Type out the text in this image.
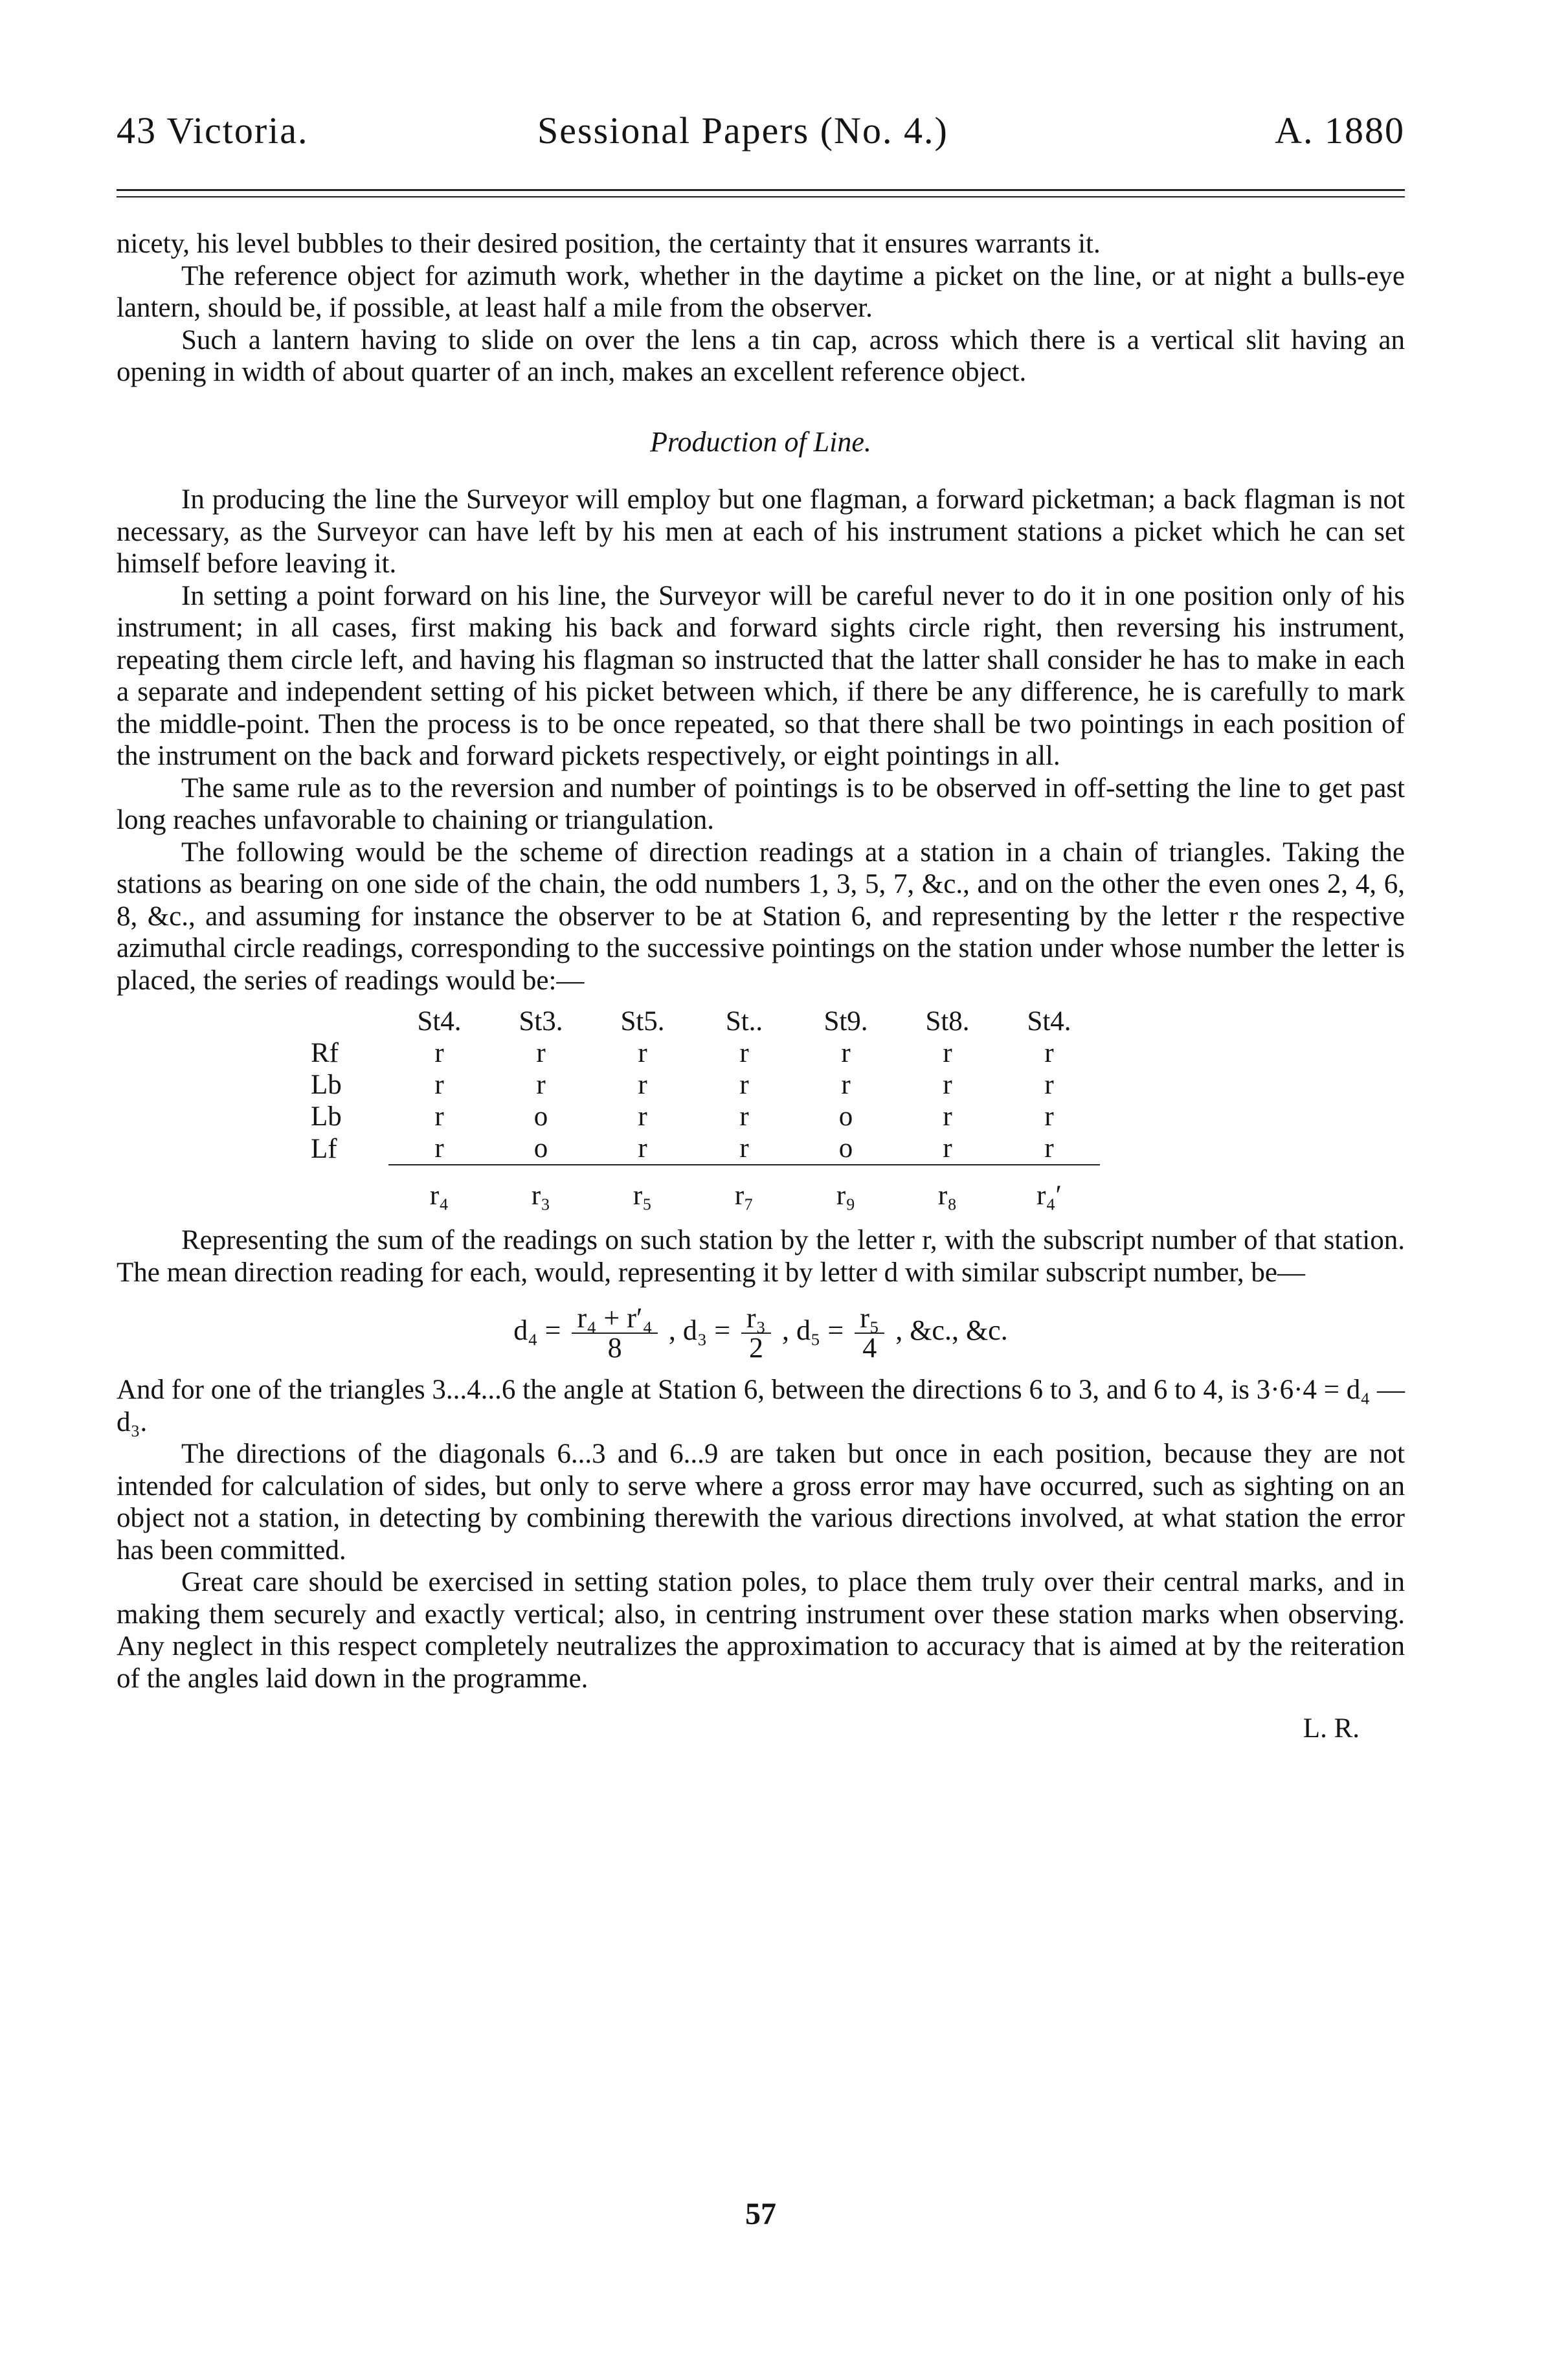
43 Victoria.	Sessional Papers (No. 4.)	A. 1880

nicety, his level bubbles to their desired position, the certainty that it ensures warrants it.

The reference object for azimuth work, whether in the daytime a picket on the line, or at night a bulls-eye lantern, should be, if possible, at least half a mile from the observer.

Such a lantern having to slide on over the lens a tin cap, across which there is a vertical slit having an opening in width of about quarter of an inch, makes an excellent reference object.

Production of Line.

In producing the line the Surveyor will employ but one flagman, a forward picketman; a back flagman is not necessary, as the Surveyor can have left by his men at each of his instrument stations a picket which he can set himself before leaving it.

In setting a point forward on his line, the Surveyor will be careful never to do it in one position only of his instrument; in all cases, first making his back and forward sights circle right, then reversing his instrument, repeating them circle left, and having his flagman so instructed that the latter shall consider he has to make in each a separate and independent setting of his picket between which, if there be any difference, he is carefully to mark the middle-point. Then the process is to be once repeated, so that there shall be two pointings in each position of the instrument on the back and forward pickets respectively, or eight pointings in all.

The same rule as to the reversion and number of pointings is to be observed in off-setting the line to get past long reaches unfavorable to chaining or triangulation.

The following would be the scheme of direction readings at a station in a chain of triangles. Taking the stations as bearing on one side of the chain, the odd numbers 1, 3, 5, 7, &c., and on the other the even ones 2, 4, 6, 8, &c., and assuming for instance the observer to be at Station 6, and representing by the letter r the respective azimuthal circle readings, corresponding to the successive pointings on the station under whose number the letter is placed, the series of readings would be:—

	St4.	St3.	St5.	St..	St9.	St8.	St4.
Rf	r	r	r	r	r	r	r
Lb	r	r	r	r	r	r	r
Lb	r	o	r	r	o	r	r
Lf	r	o	r	r	o	r	r
	r₄	r₃	r₅	r₇	r₉	r₈	r₄′

Representing the sum of the readings on such station by the letter r, with the subscript number of that station. The mean direction reading for each, would, representing it by letter d with similar subscript number, be—

$d_4 = \frac{\text{r₄ + r′₄}}{8}$ , $d_3 = \frac{\text{r₃}}{2}$ , $d_5 = \frac{\text{r₅}}{4}$ , &c., &c.

And for one of the triangles 3...4...6 the angle at Station 6, between the directions 6 to 3, and 6 to 4, is 3·6·4 = d₄ — d₃.

The directions of the diagonals 6...3 and 6...9 are taken but once in each position, because they are not intended for calculation of sides, but only to serve where a gross error may have occurred, such as sighting on an object not a station, in detecting by combining therewith the various directions involved, at what station the error has been committed.

Great care should be exercised in setting station poles, to place them truly over their central marks, and in making them securely and exactly vertical; also, in centring instrument over these station marks when observing. Any neglect in this respect completely neutralizes the approximation to accuracy that is aimed at by the reiteration of the angles laid down in the programme.

L. R.

57
